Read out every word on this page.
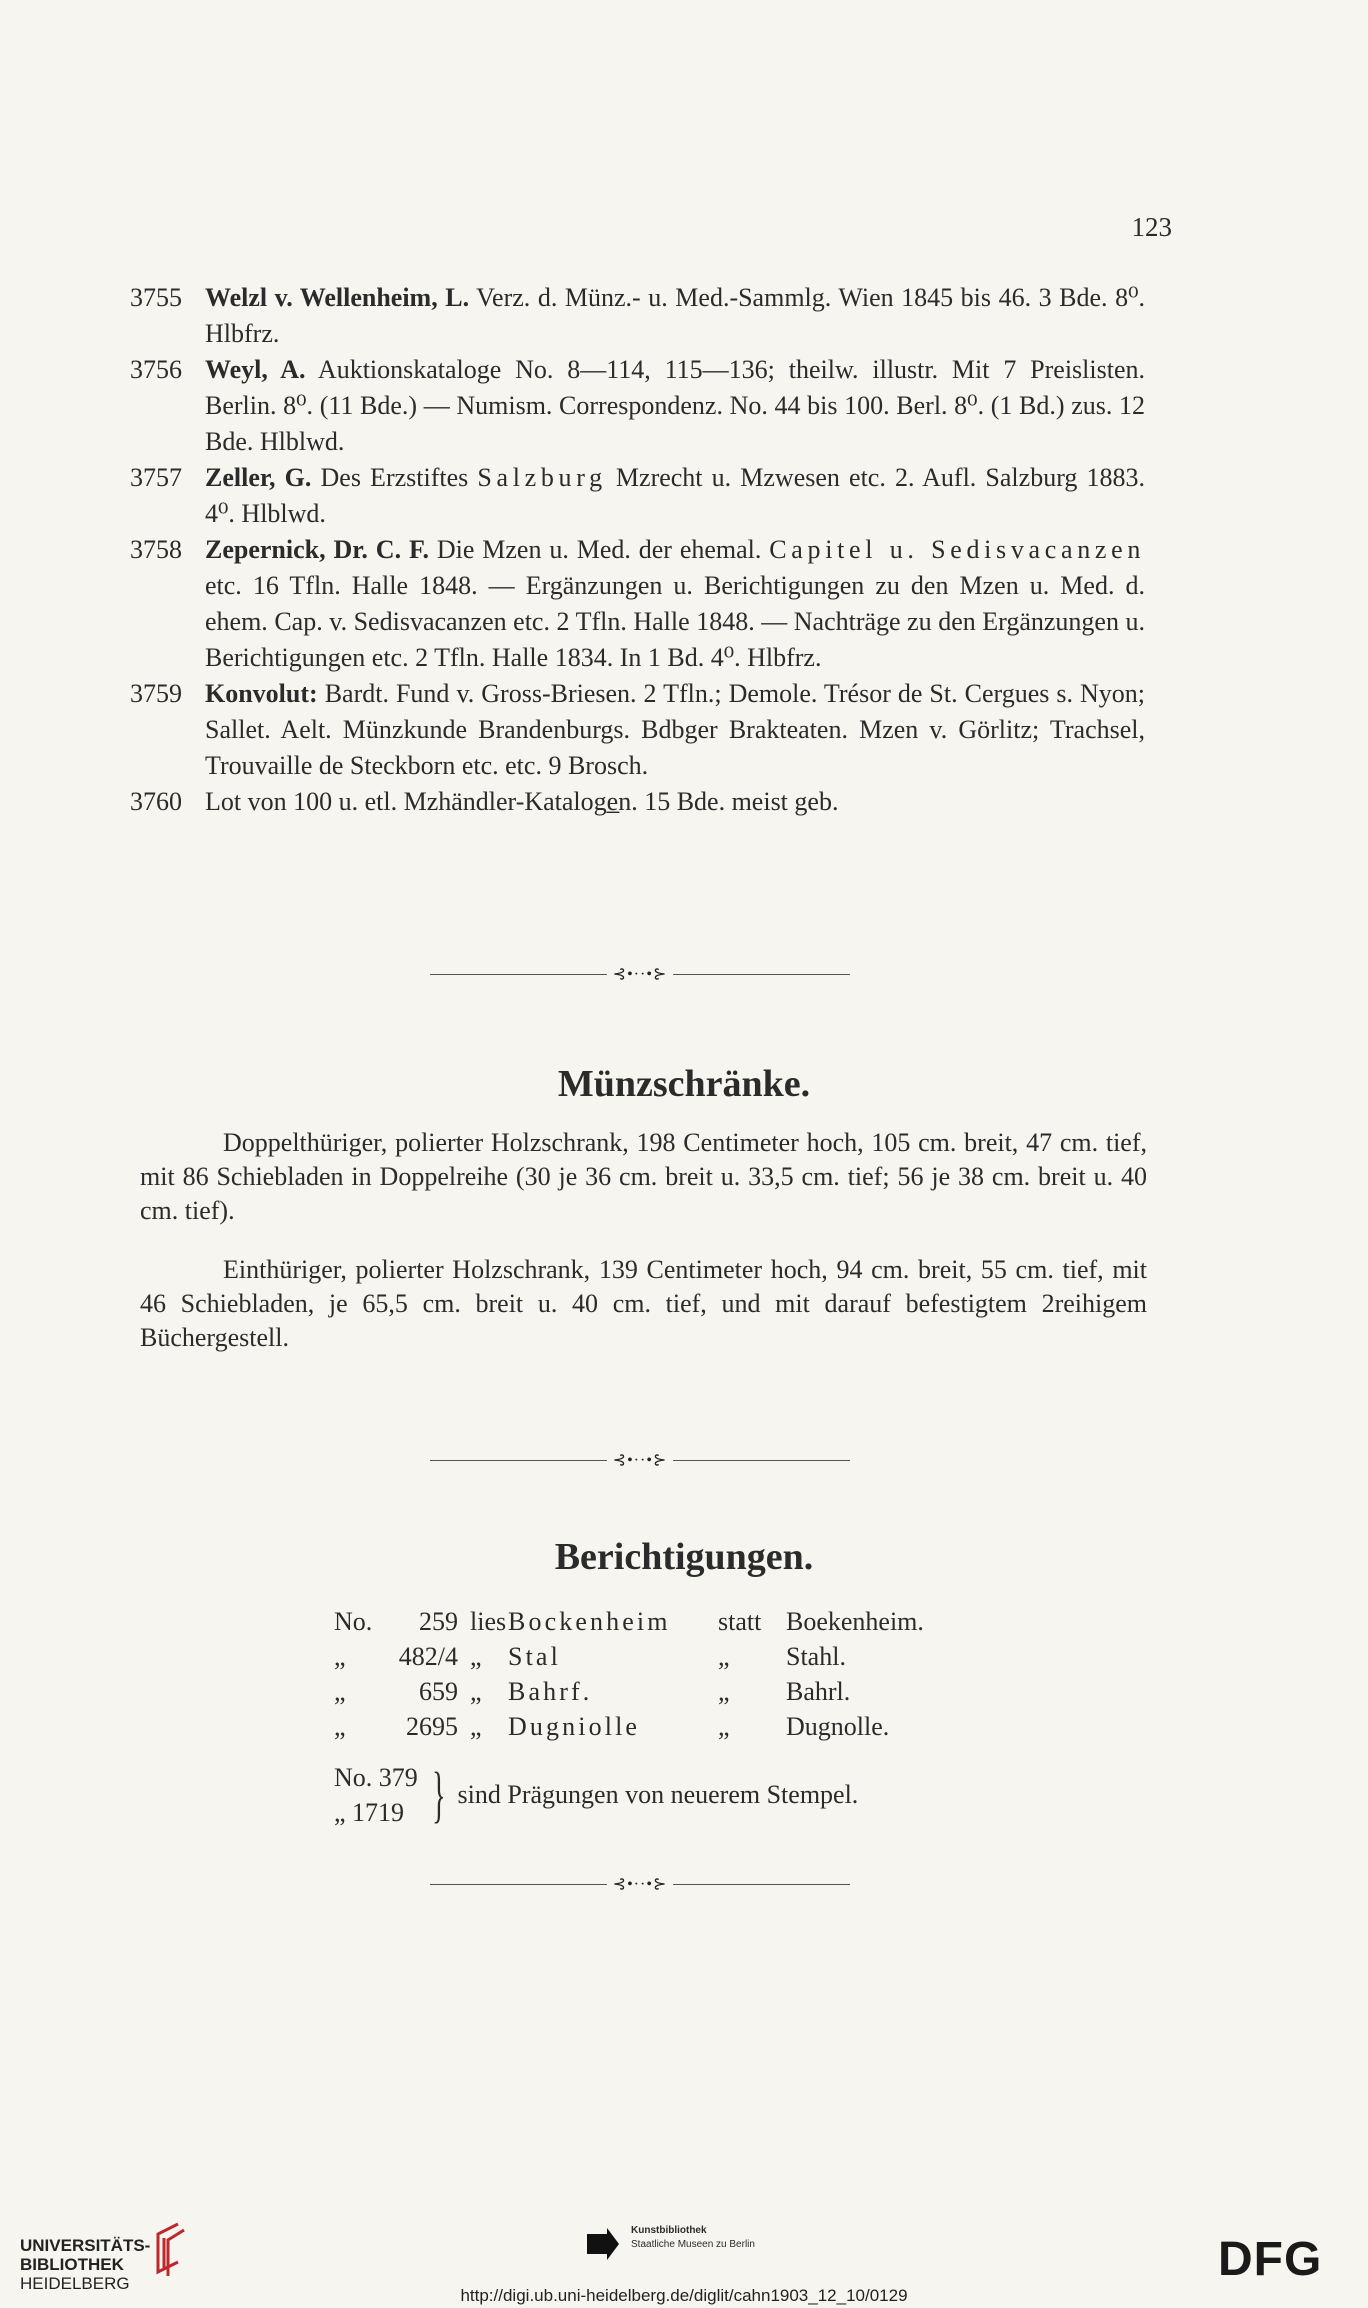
123
3755 Welzl v. Wellenheim, L. Verz. d. Münz.- u. Med.-Sammlg. Wien 1845 bis 46. 3 Bde. 8⁰. Hlbfrz.
3756 Weyl, A. Auktionskataloge No. 8—114, 115—136; theilw. illustr. Mit 7 Preislisten. Berlin. 8⁰. (11 Bde.) — Numism. Correspondenz. No. 44 bis 100. Berl. 8⁰. (1 Bd.) zus. 12 Bde. Hlblwd.
3757 Zeller, G. Des Erzstiftes Salzburg Mzrecht u. Mzwesen etc. 2. Aufl. Salzburg 1883. 4⁰. Hlblwd.
3758 Zepernick, Dr. C. F. Die Mzen u. Med. der ehemal. Capitel u. Sedisvacanzen etc. 16 Tfln. Halle 1848. — Ergänzungen u. Berichtigungen zu den Mzen u. Med. d. ehem. Cap. v. Sedisvacanzen etc. 2 Tfln. Halle 1848. — Nachträge zu den Ergänzungen u. Berichtigungen etc. 2 Tfln. Halle 1834. In 1 Bd. 4⁰. Hlbfrz.
3759 Konvolut: Bardt. Fund v. Gross-Briesen. 2 Tfln.; Demole. Trésor de St. Cergues s. Nyon; Sallet. Aelt. Münzkunde Brandenburgs. Bdbger Brakteaten. Mzen v. Görlitz; Trachsel, Trouvaille de Steckborn etc. etc. 9 Brosch.
3760 Lot von 100 u. etl. Mzhändler-Kataloge̲n. 15 Bde. meist geb.
⊰•··•⊱
Münzschränke.
Doppelthüriger, polierter Holzschrank, 198 Centimeter hoch, 105 cm. breit, 47 cm. tief, mit 86 Schiebladen in Doppelreihe (30 je 36 cm. breit u. 33,5 cm. tief; 56 je 38 cm. breit u. 40 cm. tief).
Einthüriger, polierter Holzschrank, 139 Centimeter hoch, 94 cm. breit, 55 cm. tief, mit 46 Schiebladen, je 65,5 cm. breit u. 40 cm. tief, und mit darauf befestigtem 2reihigem Büchergestell.
⊰•··•⊱
Berichtigungen.
No.	259 lies Bockenheim	statt Boekenheim.
„	482/4 „	Stal	„	Stahl.
„	659 „	Bahrf.	„	Bahrl.
„	2695 „	Dugniolle	„	Dugnolle.
No. 379
„ 1719 } sind Prägungen von neuerem Stempel.
⊰•··•⊱
UNIVERSITÄTS-
BIBLIOTHEK
HEIDELBERG
Kunstbibliothek
Staatliche Museen zu Berlin	DFG
http://digi.ub.uni-heidelberg.de/diglit/cahn1903_12_10/0129
